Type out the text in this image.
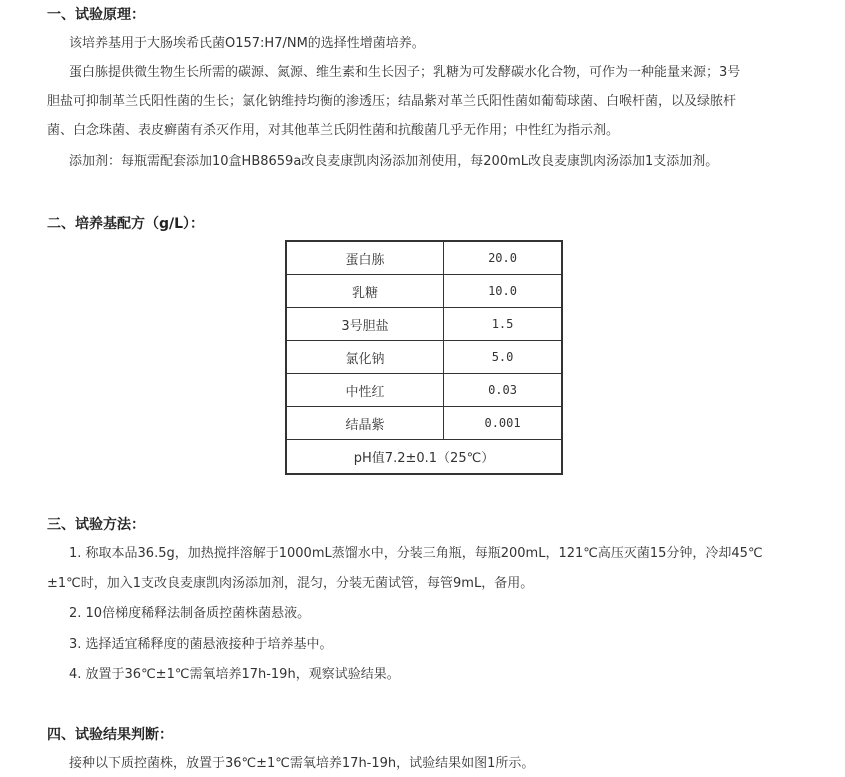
一、试验原理：
该培养基用于大肠埃希氏菌O157:H7/NM的选择性增菌培养。
蛋白胨提供微生物生长所需的碳源、氮源、维生素和生长因子；乳糖为可发酵碳水化合物，可作为一种能量来源；3号
胆盐可抑制革兰氏阳性菌的生长；氯化钠维持均衡的渗透压；结晶紫对革兰氏阳性菌如葡萄球菌、白喉杆菌，以及绿脓杆
菌、白念珠菌、表皮癣菌有杀灭作用，对其他革兰氏阴性菌和抗酸菌几乎无作用；中性红为指示剂。
添加剂：每瓶需配套添加10盒HB8659a改良麦康凯肉汤添加剂使用，每200mL改良麦康凯肉汤添加1支添加剂。
二、培养基配方（g/L）：
蛋白胨	20.0
乳糖	10.0
3号胆盐	1.5
氯化钠	5.0
中性红	0.03
结晶紫	0.001
pH值7.2±0.1（25℃）	
三、试验方法：
1. 称取本品36.5g，加热搅拌溶解于1000mL蒸馏水中，分装三角瓶，每瓶200mL，121℃高压灭菌15分钟，冷却45℃
±1℃时，加入1支改良麦康凯肉汤添加剂，混匀，分装无菌试管，每管9mL，备用。
2. 10倍梯度稀释法制备质控菌株菌悬液。
3. 选择适宜稀释度的菌悬液接种于培养基中。
4. 放置于36℃±1℃需氧培养17h-19h，观察试验结果。
四、试验结果判断：
接种以下质控菌株，放置于36℃±1℃需氧培养17h-19h，试验结果如图1所示。
